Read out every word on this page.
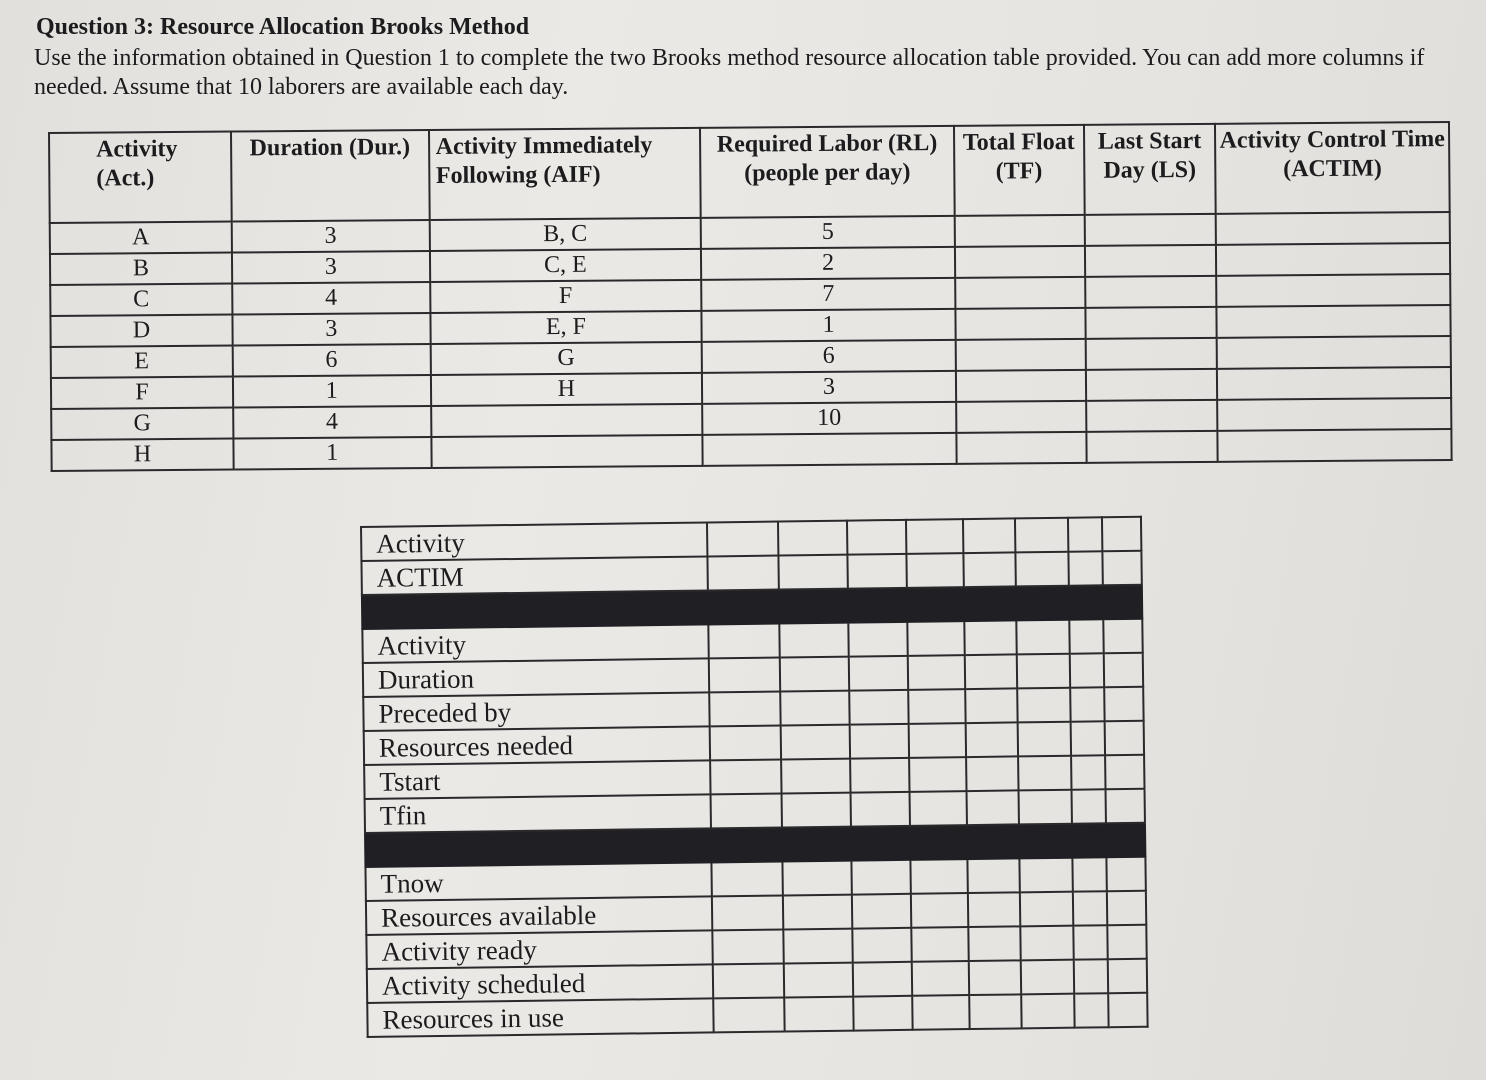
Question 3: Resource Allocation Brooks Method
Use the information obtained in Question 1 to complete the two Brooks method resource allocation table provided. You can add more columns if needed. Assume that 10 laborers are available each day.
Activity (Act.)	Duration (Dur.)	Activity Immediately Following (AIF)	Required Labor (RL) (people per day)	Total Float (TF)	Last Start Day (LS)	Activity Control Time (ACTIM)
A	3	B, C	5			
B	3	C, E	2			
C	4	F	7			
D	3	E, F	1			
E	6	G	6			
F	1	H	3			
G	4		10			
H	1					
Activity								
ACTIM								

Activity								
Duration								
Preceded by								
Resources needed								
Tstart								
Tfin								

Tnow								
Resources available								
Activity ready								
Activity scheduled								
Resources in use								
